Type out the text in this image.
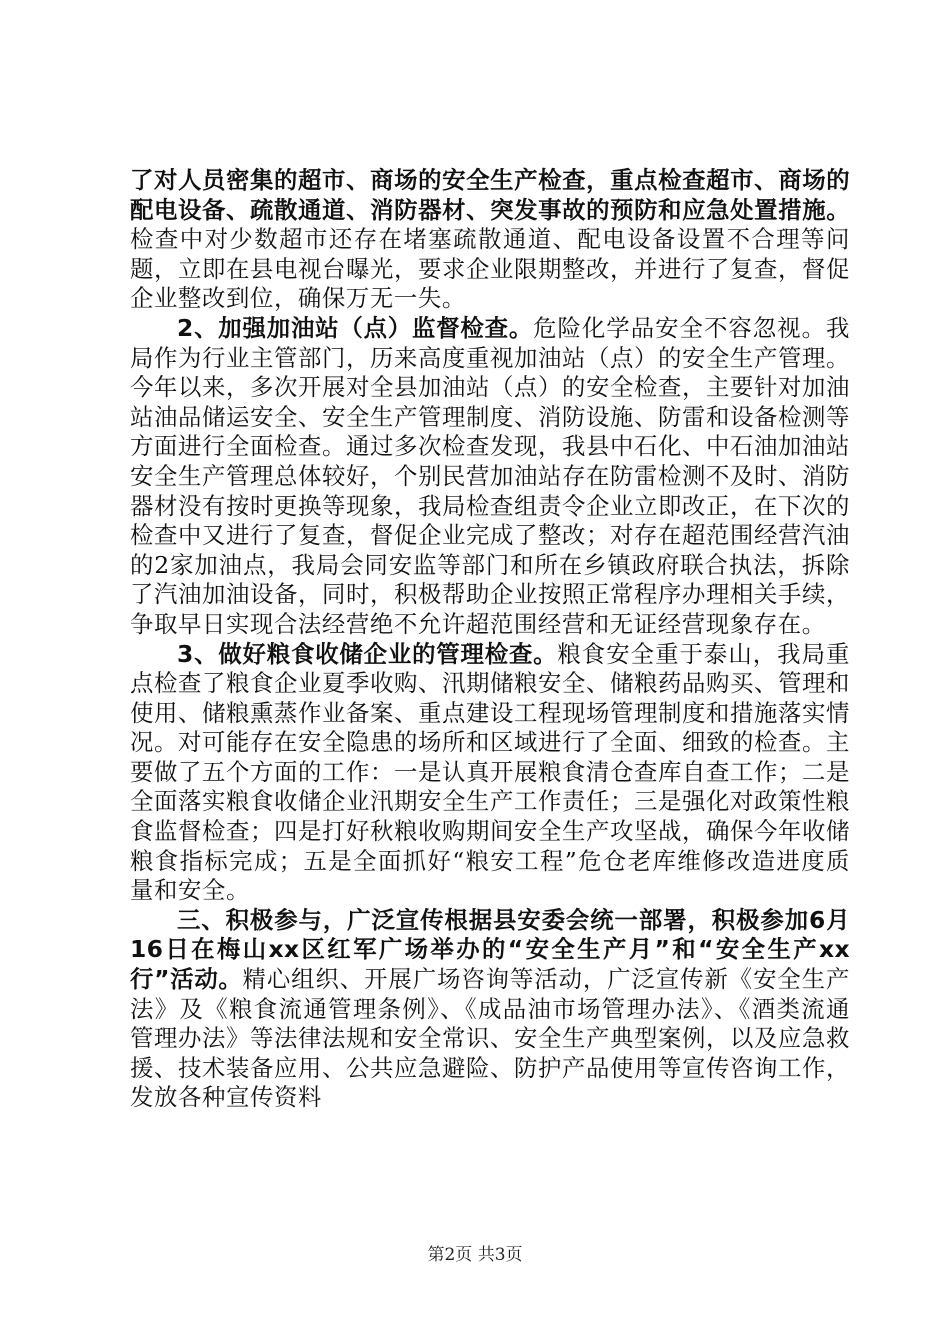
了对人员密集的超市、商场的安全生产检查，重点检查超市、商场的配电设备、疏散通道、消防器材、突发事故的预防和应急处置措施。检查中对少数超市还存在堵塞疏散通道、配电设备设置不合理等问题，立即在县电视台曝光，要求企业限期整改，并进行了复查，督促企业整改到位，确保万无一失。

2、加强加油站（点）监督检查。危险化学品安全不容忽视。我局作为行业主管部门，历来高度重视加油站（点）的安全生产管理。今年以来，多次开展对全县加油站（点）的安全检查，主要针对加油站油品储运安全、安全生产管理制度、消防设施、防雷和设备检测等方面进行全面检查。通过多次检查发现，我县中石化、中石油加油站安全生产管理总体较好，个别民营加油站存在防雷检测不及时、消防器材没有按时更换等现象，我局检查组责令企业立即改正，在下次的检查中又进行了复查，督促企业完成了整改；对存在超范围经营汽油的2家加油点，我局会同安监等部门和所在乡镇政府联合执法，拆除了汽油加油设备，同时，积极帮助企业按照正常程序办理相关手续，争取早日实现合法经营绝不允许超范围经营和无证经营现象存在。

3、做好粮食收储企业的管理检查。粮食安全重于泰山，我局重点检查了粮食企业夏季收购、汛期储粮安全、储粮药品购买、管理和使用、储粮熏蒸作业备案、重点建设工程现场管理制度和措施落实情况。对可能存在安全隐患的场所和区域进行了全面、细致的检查。主要做了五个方面的工作：一是认真开展粮食清仓查库自查工作；二是全面落实粮食收储企业汛期安全生产工作责任；三是强化对政策性粮食监督检查；四是打好秋粮收购期间安全生产攻坚战，确保今年收储粮食指标完成；五是全面抓好“粮安工程”危仓老库维修改造进度质量和安全。

三、积极参与，广泛宣传根据县安委会统一部署，积极参加6月16日在梅山xx区红军广场举办的“安全生产月”和“安全生产xx行”活动。精心组织、开展广场咨询等活动，广泛宣传新《安全生产法》及《粮食流通管理条例》、《成品油市场管理办法》、《酒类流通管理办法》等法律法规和安全常识、安全生产典型案例，以及应急救援、技术装备应用、公共应急避险、防护产品使用等宣传咨询工作，发放各种宣传资料

第2页 共3页
